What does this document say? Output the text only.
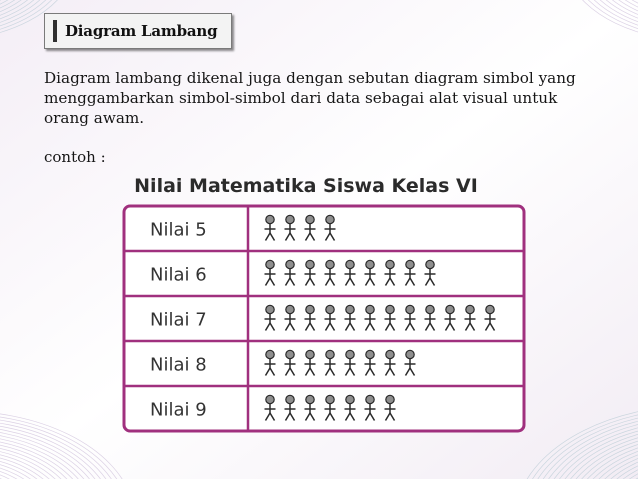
Diagram Lambang

Diagram lambang dikenal juga dengan sebutan diagram simbol yang menggambarkan simbol-simbol dari data sebagai alat visual untuk orang awam.

contoh :
Nilai Matematika Siswa Kelas VI
Nilai 5
Nilai 6
Nilai 7
Nilai 8
Nilai 9
